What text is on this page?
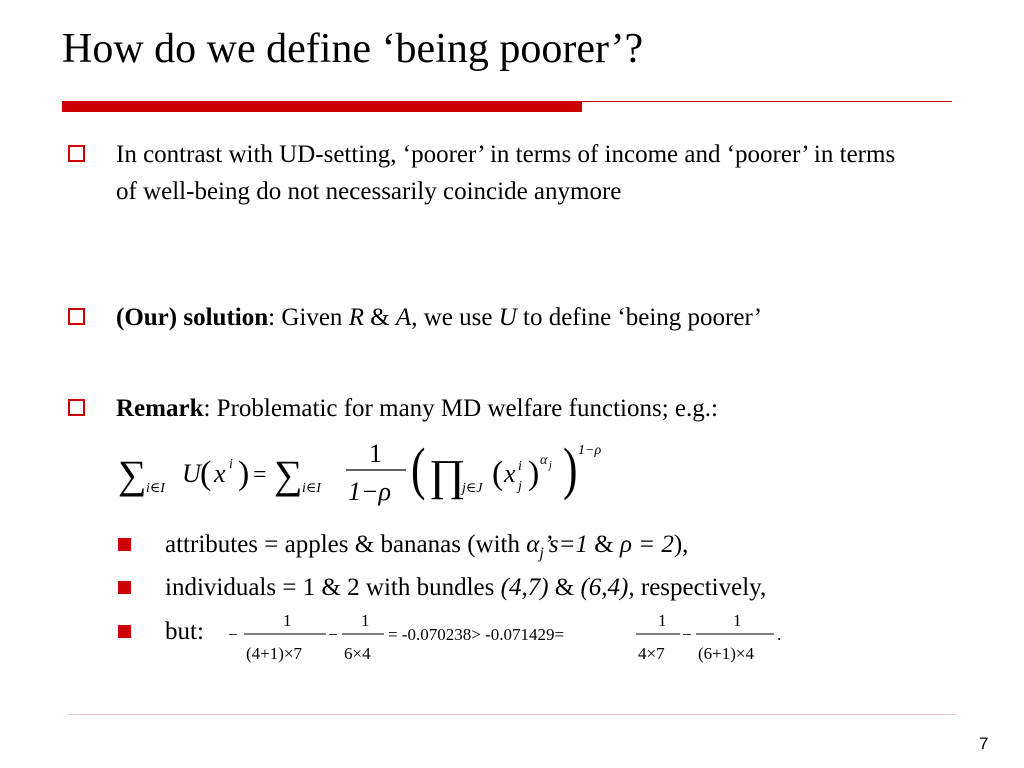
How do we define ‘being poorer’?
In contrast with UD-setting, ‘poorer’ in terms of income and ‘poorer’ in terms of well-being do not necessarily coincide anymore
(Our) solution: Given R & A, we use U to define ‘being poorer’
Remark: Problematic for many MD welfare functions; e.g.:
∑ i∈I
U ( x i ) = ∑ i∈I
1
1−ρ ( ∏
j∈J ( x i
j ) α j ) 1−ρ
attributes = apples & bananas (with $\alpha_j’s=1$ & ρ = 2),
individuals = 1 & 2 with bundles (4,7) & (6,4), respectively,
but: −
1
(4+1)×7
−
1
6×4
= -0.070238> -0.071429=
1
4×7
−
1
(6+1)×4
.
7
